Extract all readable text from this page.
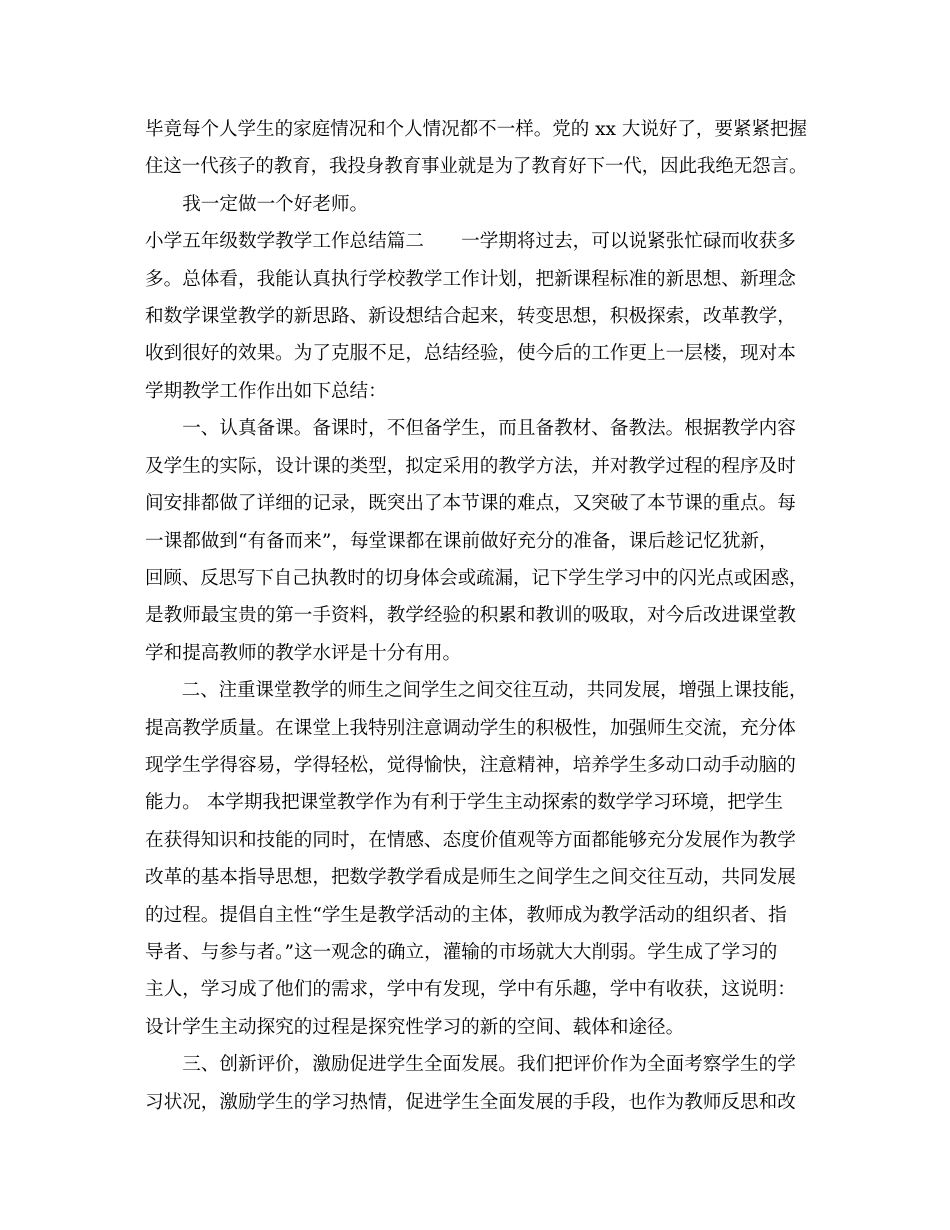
毕竟每个人学生的家庭情况和个人情况都不一样。党的 xx 大说好了，要紧紧把握
住这一代孩子的教育，我投身教育事业就是为了教育好下一代，因此我绝无怨言。
　　我一定做一个好老师。
小学五年级数学教学工作总结篇二　　一学期将过去，可以说紧张忙碌而收获多
多。总体看，我能认真执行学校教学工作计划，把新课程标准的新思想、新理念
和数学课堂教学的新思路、新设想结合起来，转变思想，积极探索，改革教学，
收到很好的效果。为了克服不足，总结经验，使今后的工作更上一层楼，现对本
学期教学工作作出如下总结：
　　一、认真备课。备课时，不但备学生，而且备教材、备教法。根据教学内容
及学生的实际，设计课的类型，拟定采用的教学方法，并对教学过程的程序及时
间安排都做了详细的记录，既突出了本节课的难点，又突破了本节课的重点。每
一课都做到“有备而来”，每堂课都在课前做好充分的准备，课后趁记忆犹新，
回顾、反思写下自己执教时的切身体会或疏漏，记下学生学习中的闪光点或困惑，
是教师最宝贵的第一手资料，教学经验的积累和教训的吸取，对今后改进课堂教
学和提高教师的教学水评是十分有用。
　　二、注重课堂教学的师生之间学生之间交往互动，共同发展，增强上课技能，
提高教学质量。在课堂上我特别注意调动学生的积极性，加强师生交流，充分体
现学生学得容易，学得轻松，觉得愉快，注意精神，培养学生多动口动手动脑的
能力。 本学期我把课堂教学作为有利于学生主动探索的数学学习环境，把学生
在获得知识和技能的同时，在情感、态度价值观等方面都能够充分发展作为教学
改革的基本指导思想，把数学教学看成是师生之间学生之间交往互动，共同发展
的过程。提倡自主性“学生是教学活动的主体，教师成为教学活动的组织者、指
导者、与参与者。”这一观念的确立，灌输的市场就大大削弱。学生成了学习的
主人，学习成了他们的需求，学中有发现，学中有乐趣，学中有收获，这说明：
设计学生主动探究的过程是探究性学习的新的空间、载体和途径。
　　三、创新评价，激励促进学生全面发展。我们把评价作为全面考察学生的学
习状况，激励学生的学习热情，促进学生全面发展的手段，也作为教师反思和改
